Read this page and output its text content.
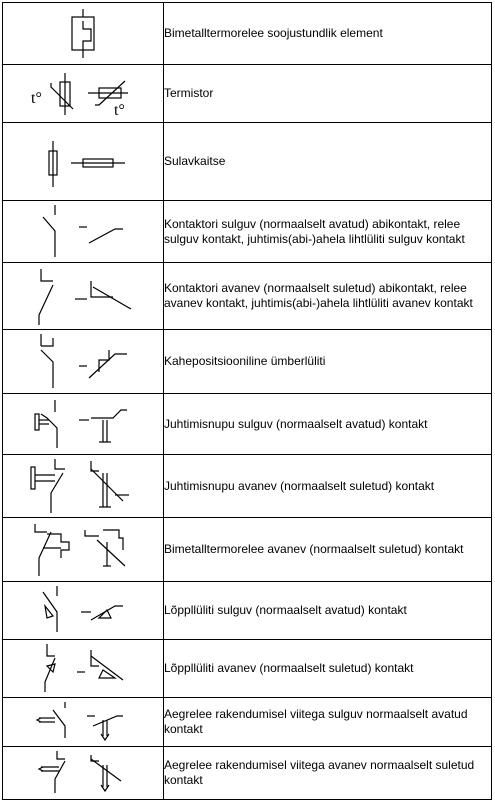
	Bimetalltermorelee soojustundlik element

t°
t°	Termistor

	Sulavkaitse

	Kontaktori sulguv (normaalselt avatud) abikontakt, relee sulguv kontakt, juhtimis(abi-)ahela lihtlüliti sulguv kontakt

	Kontaktori avanev (normaalselt suletud) abikontakt, relee avanev kontakt, juhtimis(abi-)ahela lihtlüliti avanev kontakt

	Kahepositsiooniline ümberlüliti

	Juhtimisnupu sulguv (normaalselt avatud) kontakt

	Juhtimisnupu avanev (normaalselt suletud) kontakt

	Bimetalltermorelee avanev (normaalselt suletud) kontakt

	Lõppllüliti sulguv (normaalselt avatud) kontakt

	Lõppllüliti avanev (normaalselt suletud) kontakt

	Aegrelee rakendumisel viitega sulguv normaalselt avatud kontakt

	Aegrelee rakendumisel viitega avanev normaalselt suletud kontakt
